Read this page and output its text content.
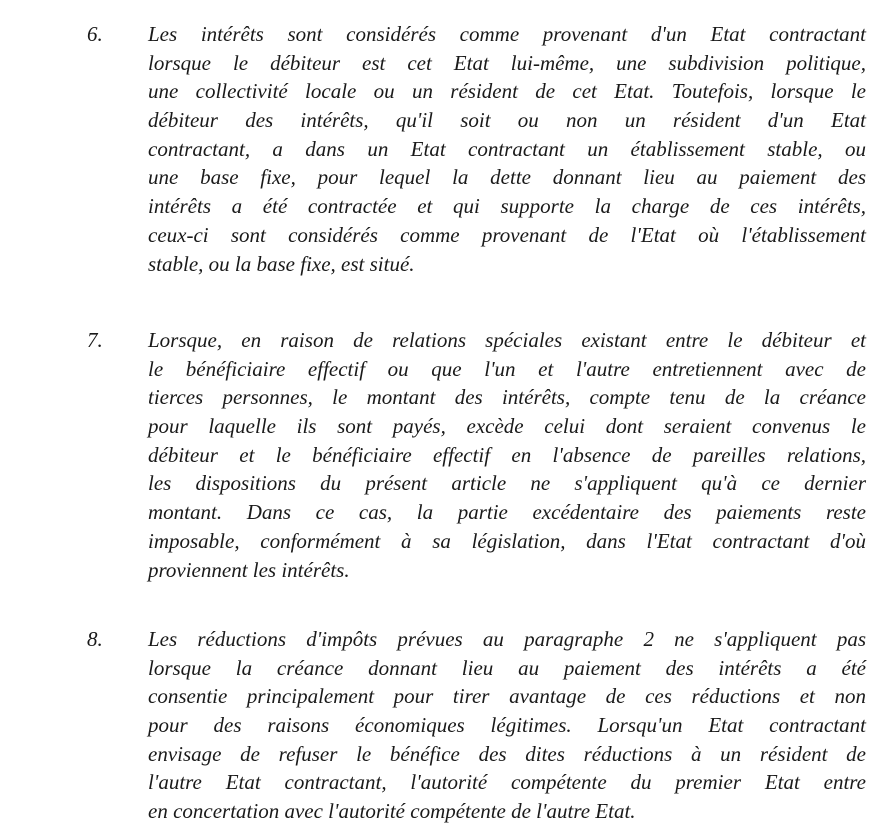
6. Les intérêts sont considérés comme provenant d'un Etat contractant
lorsque le débiteur est cet Etat lui-même, une subdivision politique,
une collectivité locale ou un résident de cet Etat. Toutefois, lorsque le
débiteur des intérêts, qu'il soit ou non un résident d'un Etat
contractant, a dans un Etat contractant un établissement stable, ou
une base fixe, pour lequel la dette donnant lieu au paiement des
intérêts a été contractée et qui supporte la charge de ces intérêts,
ceux-ci sont considérés comme provenant de l'Etat où l'établissement
stable, ou la base fixe, est situé.
7. Lorsque, en raison de relations spéciales existant entre le débiteur et
le bénéficiaire effectif ou que l'un et l'autre entretiennent avec de
tierces personnes, le montant des intérêts, compte tenu de la créance
pour laquelle ils sont payés, excède celui dont seraient convenus le
débiteur et le bénéficiaire effectif en l'absence de pareilles relations,
les dispositions du présent article ne s'appliquent qu'à ce dernier
montant. Dans ce cas, la partie excédentaire des paiements reste
imposable, conformément à sa législation, dans l'Etat contractant d'où
proviennent les intérêts.
8. Les réductions d'impôts prévues au paragraphe 2 ne s'appliquent pas
lorsque la créance donnant lieu au paiement des intérêts a été
consentie principalement pour tirer avantage de ces réductions et non
pour des raisons économiques légitimes. Lorsqu'un Etat contractant
envisage de refuser le bénéfice des dites réductions à un résident de
l'autre Etat contractant, l'autorité compétente du premier Etat entre
en concertation avec l'autorité compétente de l'autre Etat.
